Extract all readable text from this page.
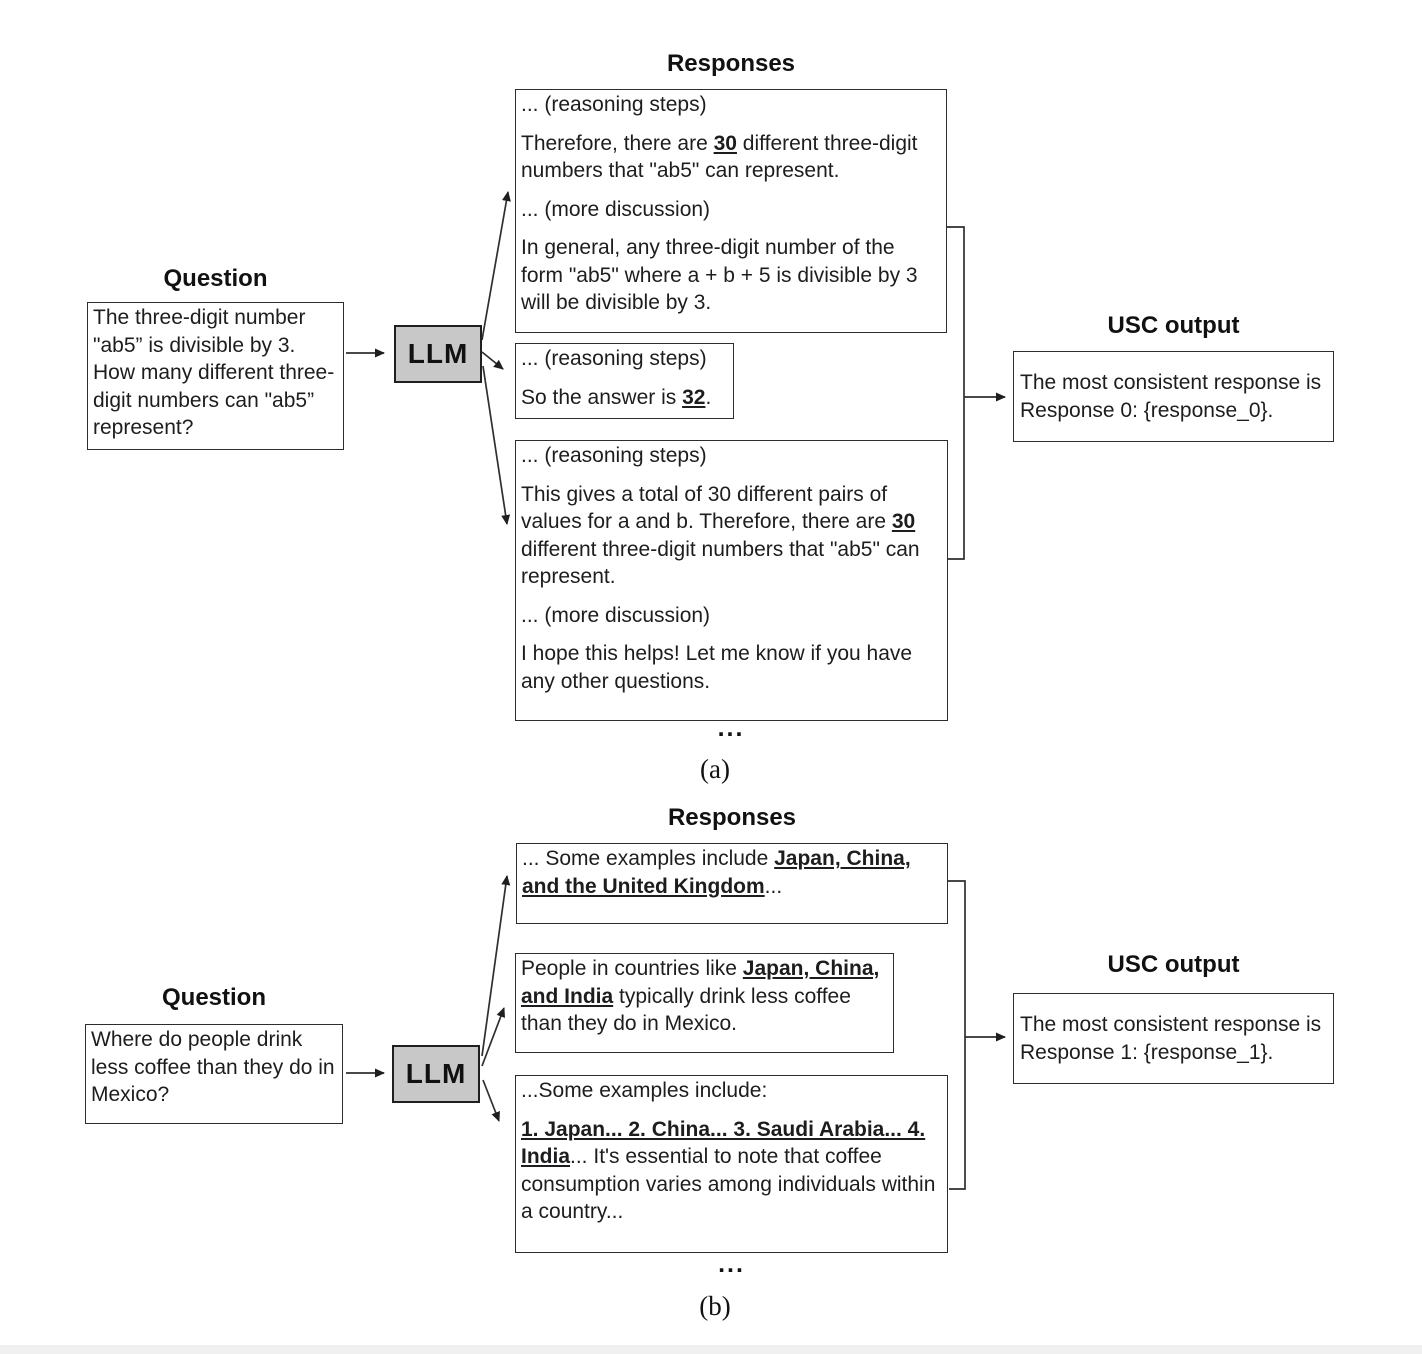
Responses

... (reasoning steps)

Therefore, there are 30 different three-digit numbers that "ab5" can represent.

... (more discussion)

In general, any three-digit number of the form "ab5" where a + b + 5 is divisible by 3 will be divisible by 3.

Question

The three-digit number "ab5” is divisible by 3. How many different three-digit numbers can "ab5” represent?

LLM	... (reasoning steps)

So the answer is 32.

... (reasoning steps)

This gives a total of 30 different pairs of values for a and b. Therefore, there are 30 different three-digit numbers that "ab5" can represent.

... (more discussion)

I hope this helps! Let me know if you have any other questions.

USC output
The most consistent response is Response 0: {response_0}.
...
(a)
Responses

... Some examples include Japan, China, and the United Kingdom...

People in countries like Japan, China, and India typically drink less coffee than they do in Mexico.

Question

Where do people drink less coffee than they do in Mexico?

LLM

...Some examples include:

1. Japan... 2. China... 3. Saudi Arabia... 4. India... It's essential to note that coffee consumption varies among individuals within a country...

USC output
The most consistent response is Response 1: {response_1}.
...
(b)
